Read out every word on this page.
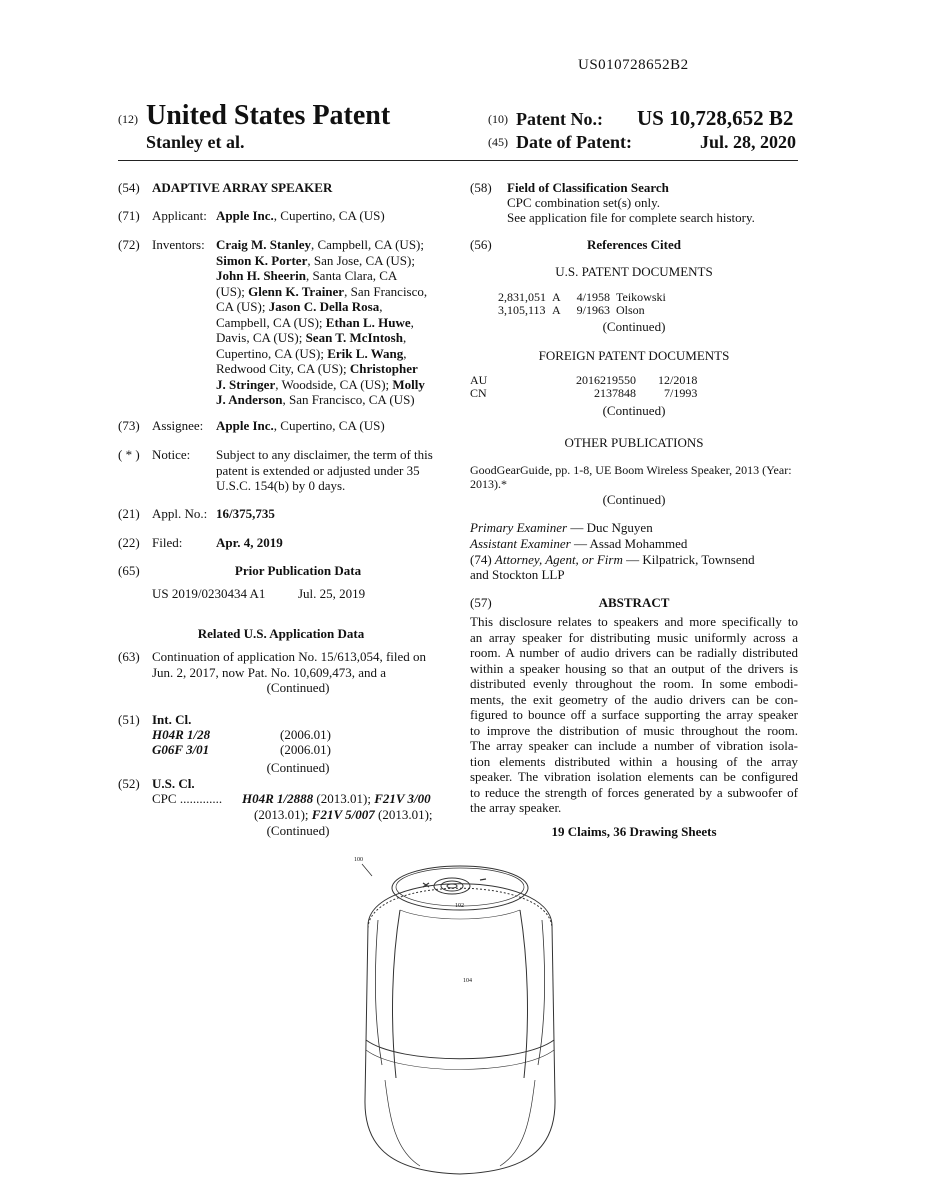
US010728652B2
(12) United States Patent
Stanley et al.
(10) Patent No.: US 10,728,652 B2
(45) Date of Patent:	Jul. 28, 2020
(54) ADAPTIVE ARRAY SPEAKER
(71) Applicant: Apple Inc., Cupertino, CA (US)
(72) Inventors: Craig M. Stanley, Campbell, CA (US);
Simon K. Porter, San Jose, CA (US);
John H. Sheerin, Santa Clara, CA
(US); Glenn K. Trainer, San Francisco,
CA (US); Jason C. Della Rosa,
Campbell, CA (US); Ethan L. Huwe,
Davis, CA (US); Sean T. McIntosh,
Cupertino, CA (US); Erik L. Wang,
Redwood City, CA (US); Christopher
J. Stringer, Woodside, CA (US); Molly
J. Anderson, San Francisco, CA (US)
(73) Assignee: Apple Inc., Cupertino, CA (US)
( * ) Notice: Subject to any disclaimer, the term of this
patent is extended or adjusted under 35
U.S.C. 154(b) by 0 days.
(21) Appl. No.: 16/375,735
(22) Filed:	Apr. 4, 2019
(65)	Prior Publication Data
US 2019/0230434 A1	Jul. 25, 2019
Related U.S. Application Data
(63) Continuation of application No. 15/613,054, filed on
Jun. 2, 2017, now Pat. No. 10,609,473, and a
(Continued)
(51) Int. Cl.
H04R 1/28	(2006.01)
G06F 3/01	(2006.01)
(Continued)
(52) U.S. Cl.
CPC ............. H04R 1/2888 (2013.01); F21V 3/00
(2013.01); F21V 5/007 (2013.01);
(Continued)
(58) Field of Classification Search
CPC combination set(s) only.
See application file for complete search history.
(56)	References Cited
U.S. PATENT DOCUMENTS
2,831,051	A	4/1958	Teikowski
3,105,113	A	9/1963	Olson
(Continued)
FOREIGN PATENT DOCUMENTS
AU	2016219550	12/2018
CN	2137848	7/1993
(Continued)
OTHER PUBLICATIONS
GoodGearGuide, pp. 1-8, UE Boom Wireless Speaker, 2013 (Year:
2013).*
(Continued)
Primary Examiner — Duc Nguyen
Assistant Examiner — Assad Mohammed
(74) Attorney, Agent, or Firm — Kilpatrick, Townsend
and Stockton LLP
(57)	ABSTRACT
This disclosure relates to speakers and more specifically to
an array speaker for distributing music uniformly across a
room. A number of audio drivers can be radially distributed
within a speaker housing so that an output of the drivers is
distributed evenly throughout the room. In some embodi-
ments, the exit geometry of the audio drivers can be con-
figured to bounce off a surface supporting the array speaker
to improve the distribution of music throughout the room.
The array speaker can include a number of vibration isola-
tion elements distributed within a housing of the array
speaker. The vibration isolation elements can be configured
to reduce the strength of forces generated by a subwoofer of
the array speaker.
19 Claims, 36 Drawing Sheets
100
102
104
